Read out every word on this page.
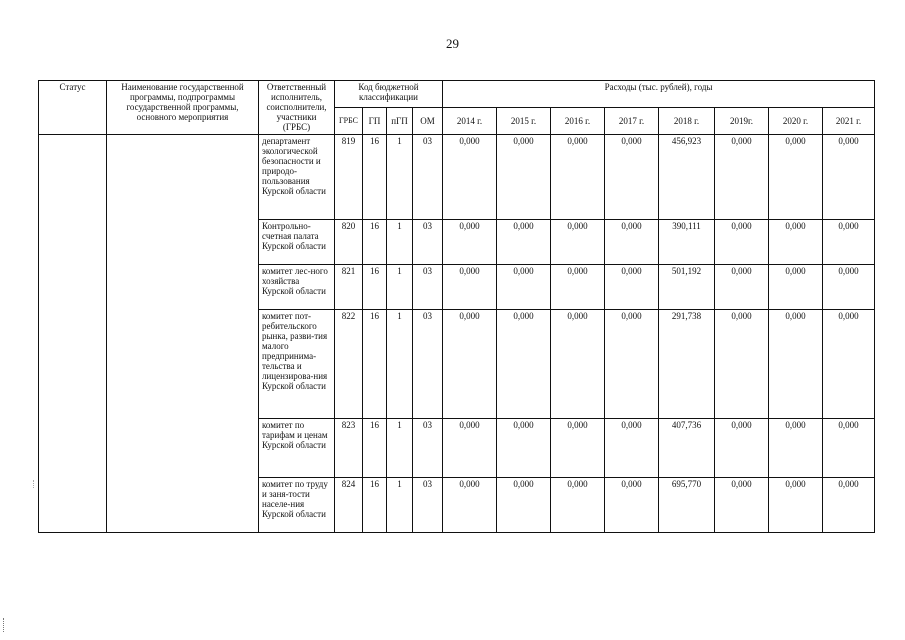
29
Статус	Наименование государственной программы, подпрограммы государственной программы, основного мероприятия	Ответственный исполнитель, соисполнители, участники (ГРБС)	Код бюджетной классификации				Расходы (тыс. рублей), годы							
			ГРБС	ГП	пГП	ОМ	2014 г.	2015 г.	2016 г.	2017 г.	2018 г.	2019г.	2020 г.	2021 г.
		департамент экологической безопасности и природо-пользования Курской области	819	16	1	03	0,000	0,000	0,000	0,000	456,923	0,000	0,000	0,000
		Контрольно-счетная палата Курской области	820	16	1	03	0,000	0,000	0,000	0,000	390,111	0,000	0,000	0,000
		комитет лес-ного хозяйства Курской области	821	16	1	03	0,000	0,000	0,000	0,000	501,192	0,000	0,000	0,000
		комитет пот-ребительского рынка, разви-тия малого предпринима-тельства и лицензирова-ния Курской области	822	16	1	03	0,000	0,000	0,000	0,000	291,738	0,000	0,000	0,000
		комитет по тарифам и ценам Курской области	823	16	1	03	0,000	0,000	0,000	0,000	407,736	0,000	0,000	0,000
		комитет по труду и заня-тости населе-ния Курской области	824	16	1	03	0,000	0,000	0,000	0,000	695,770	0,000	0,000	0,000
